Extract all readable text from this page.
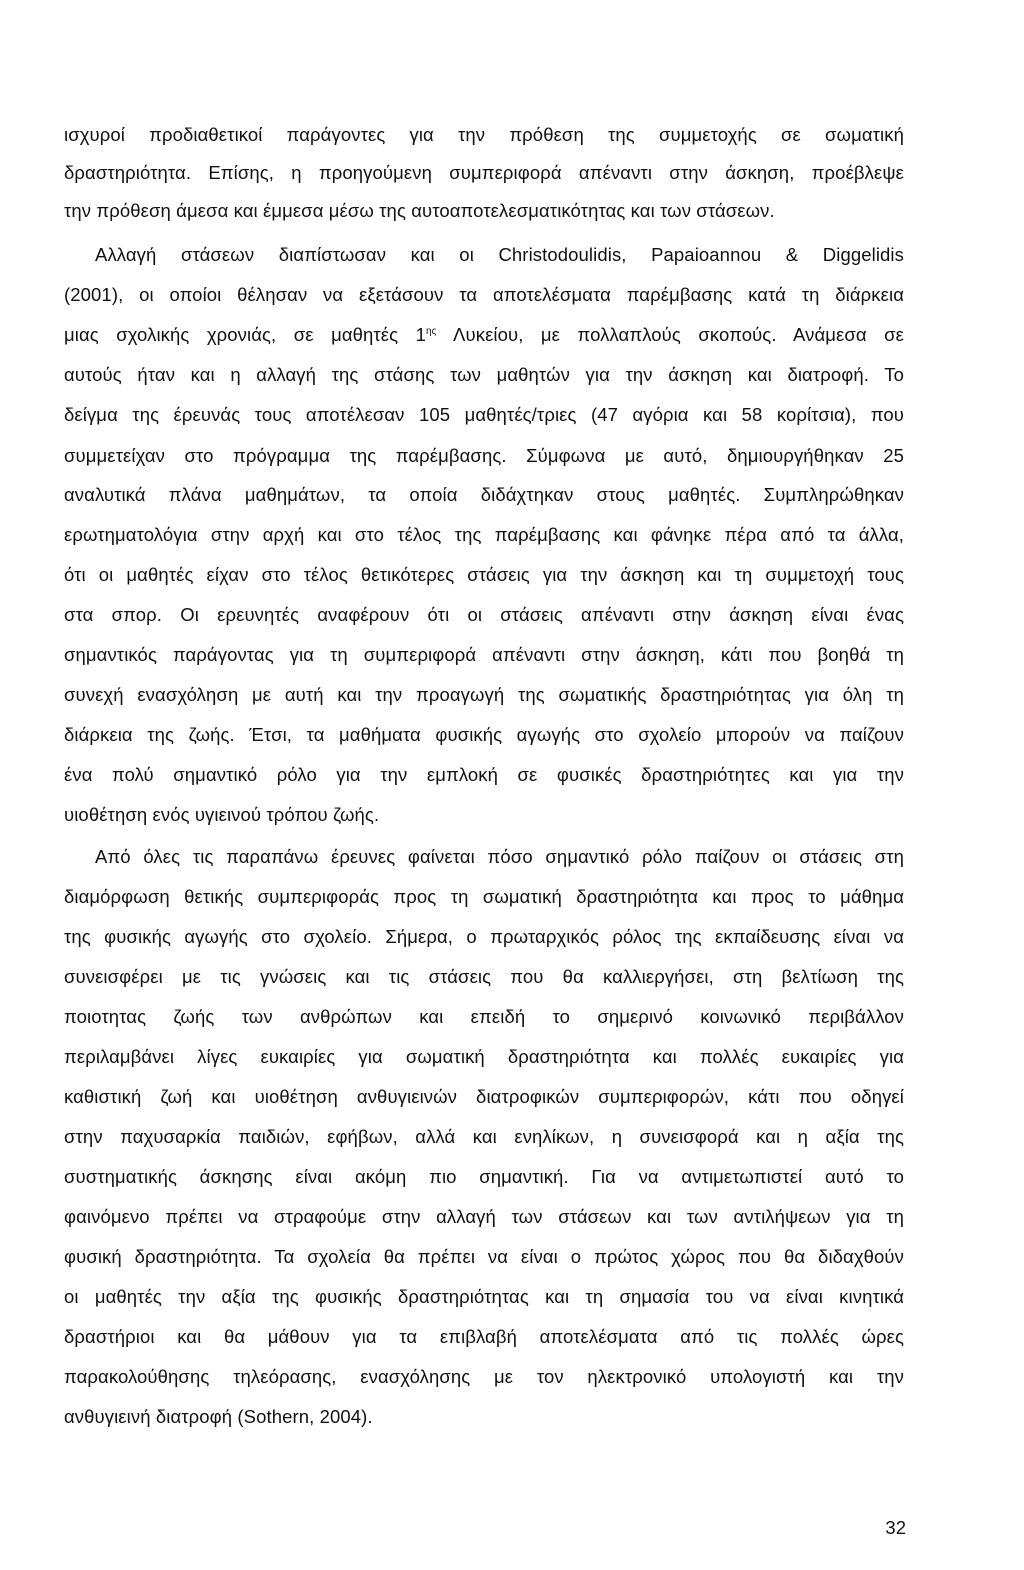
ισχυροί προδιαθετικοί παράγοντες για την πρόθεση της συμμετοχής σε σωματική
δραστηριότητα. Επίσης, η προηγούμενη συμπεριφορά απέναντι στην άσκηση, προέβλεψε
την πρόθεση άμεσα και έμμεσα μέσω της αυτοαποτελεσματικότητας και των στάσεων.
Αλλαγή στάσεων διαπίστωσαν και οι Christodoulidis, Papaioannou & Diggelidis
(2001), οι οποίοι θέλησαν να εξετάσουν τα αποτελέσματα παρέμβασης κατά τη διάρκεια
μιας σχολικής χρονιάς, σε μαθητές $1^{\eta\varsigma}$ Λυκείου, με πολλαπλούς σκοπούς. Ανάμεσα σε
αυτούς ήταν και η αλλαγή της στάσης των μαθητών για την άσκηση και διατροφή. Το
δείγμα της έρευνάς τους αποτέλεσαν 105 μαθητές/τριες (47 αγόρια και 58 κορίτσια), που
συμμετείχαν στο πρόγραμμα της παρέμβασης. Σύμφωνα με αυτό, δημιουργήθηκαν 25
αναλυτικά πλάνα μαθημάτων, τα οποία διδάχτηκαν στους μαθητές. Συμπληρώθηκαν
ερωτηματολόγια στην αρχή και στο τέλος της παρέμβασης και φάνηκε πέρα από τα άλλα,
ότι οι μαθητές είχαν στο τέλος θετικότερες στάσεις για την άσκηση και τη συμμετοχή τους
στα σπορ. Οι ερευνητές αναφέρουν ότι οι στάσεις απέναντι στην άσκηση είναι ένας
σημαντικός παράγοντας για τη συμπεριφορά απέναντι στην άσκηση, κάτι που βοηθά τη
συνεχή ενασχόληση με αυτή και την προαγωγή της σωματικής δραστηριότητας για όλη τη
διάρκεια της ζωής. Έτσι, τα μαθήματα φυσικής αγωγής στο σχολείο μπορούν να παίζουν
ένα πολύ σημαντικό ρόλο για την εμπλοκή σε φυσικές δραστηριότητες και για την
υιοθέτηση ενός υγιεινού τρόπου ζωής.
Από όλες τις παραπάνω έρευνες φαίνεται πόσο σημαντικό ρόλο παίζουν οι στάσεις στη
διαμόρφωση θετικής συμπεριφοράς προς τη σωματική δραστηριότητα και προς το μάθημα
της φυσικής αγωγής στο σχολείο. Σήμερα, ο πρωταρχικός ρόλος της εκπαίδευσης είναι να
συνεισφέρει με τις γνώσεις και τις στάσεις που θα καλλιεργήσει, στη βελτίωση της
ποιοτητας ζωής των ανθρώπων και επειδή το σημερινό κοινωνικό περιβάλλον
περιλαμβάνει λίγες ευκαιρίες για σωματική δραστηριότητα και πολλές ευκαιρίες για
καθιστική ζωή και υιοθέτηση ανθυγιεινών διατροφικών συμπεριφορών, κάτι που οδηγεί
στην παχυσαρκία παιδιών, εφήβων, αλλά και ενηλίκων, η συνεισφορά και η αξία της
συστηματικής άσκησης είναι ακόμη πιο σημαντική. Για να αντιμετωπιστεί αυτό το
φαινόμενο πρέπει να στραφούμε στην αλλαγή των στάσεων και των αντιλήψεων για τη
φυσική δραστηριότητα. Τα σχολεία θα πρέπει να είναι ο πρώτος χώρος που θα διδαχθούν
οι μαθητές την αξία της φυσικής δραστηριότητας και τη σημασία του να είναι κινητικά
δραστήριοι και θα μάθουν για τα επιβλαβή αποτελέσματα από τις πολλές ώρες
παρακολούθησης τηλεόρασης, ενασχόλησης με τον ηλεκτρονικό υπολογιστή και την
ανθυγιεινή διατροφή (Sothern, 2004).
32
